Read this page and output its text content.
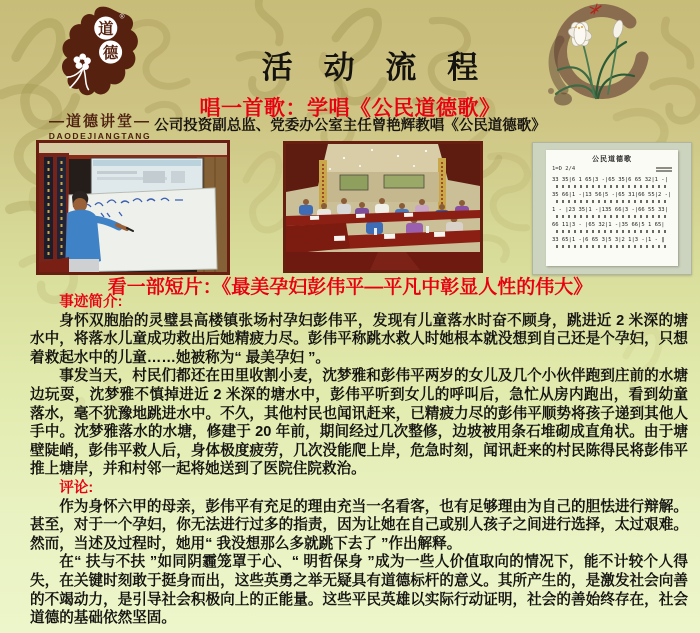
道
德
®
—道德讲堂—
DAODEJIANGTANG
活 动 流 程
唱一首歌：学唱《公民道德歌》
公司投资副总监、党委办公室主任曾艳辉教唱《公民道德歌》
公民道德歌
1=D 2/4
33 35|6 1 65|3 -|65 35|6 65 32|1 -|
35 66|1 -|13 56|5 -|65 31|66 55|2 -|
1 - |23 35|1 -|135 66|3 -|66 55 33|
66 11|3 - |65 32|1 -|35 66|5 1 65|
33 65|1 -|6 65 3|5 3|2 1|3 -|1 - ‖
看一部短片：《最美孕妇彭伟平—平凡中彰显人性的伟大》

事迹简介:

身怀双胞胎的灵璧县高楼镇张场村孕妇彭伟平，发现有儿童落水时奋不顾身，跳进近 2 米深的塘水中，将落水儿童成功救出后她精疲力尽。彭伟平称跳水救人时她根本就没想到自己还是个孕妇，只想着救起水中的儿童……她被称为“ 最美孕妇 ”。

事发当天，村民们都还在田里收割小麦，沈梦雅和彭伟平两岁的女儿及几个小伙伴跑到庄前的水塘边玩耍，沈梦雅不慎掉进近 2 米深的塘水中，彭伟平听到女儿的呼叫后，急忙从房内跑出，看到幼童落水，毫不犹豫地跳进水中。不久，其他村民也闻讯赶来，已精疲力尽的彭伟平顺势将孩子递到其他人手中。沈梦雅落水的水塘，修建于 20 年前，期间经过几次整修，边坡被用条石堆砌成直角状。由于塘壁陡峭，彭伟平救人后，身体极度疲劳，几次没能爬上岸，危急时刻，闻讯赶来的村民陈得民将彭伟平推上塘岸，并和村邻一起将她送到了医院住院救治。

评论:

作为身怀六甲的母亲，彭伟平有充足的理由充当一名看客，也有足够理由为自己的胆怯进行辩解。甚至，对于一个孕妇，你无法进行过多的指责，因为让她在自己或别人孩子之间进行选择，太过艰难。然而，当述及过程时，她用“ 我没想那么多就跳下去了 ”作出解释。

在“ 扶与不扶 ”如同阴霾笼罩于心、“ 明哲保身 ”成为一些人价值取向的情况下，能不计较个人得失，在关键时刻敢于挺身而出，这些英勇之举无疑具有道德标杆的意义。其所产生的，是激发社会向善的不竭动力，是引导社会积极向上的正能量。这些平民英雄以实际行动证明，社会的善始终存在，社会道德的基础依然坚固。
